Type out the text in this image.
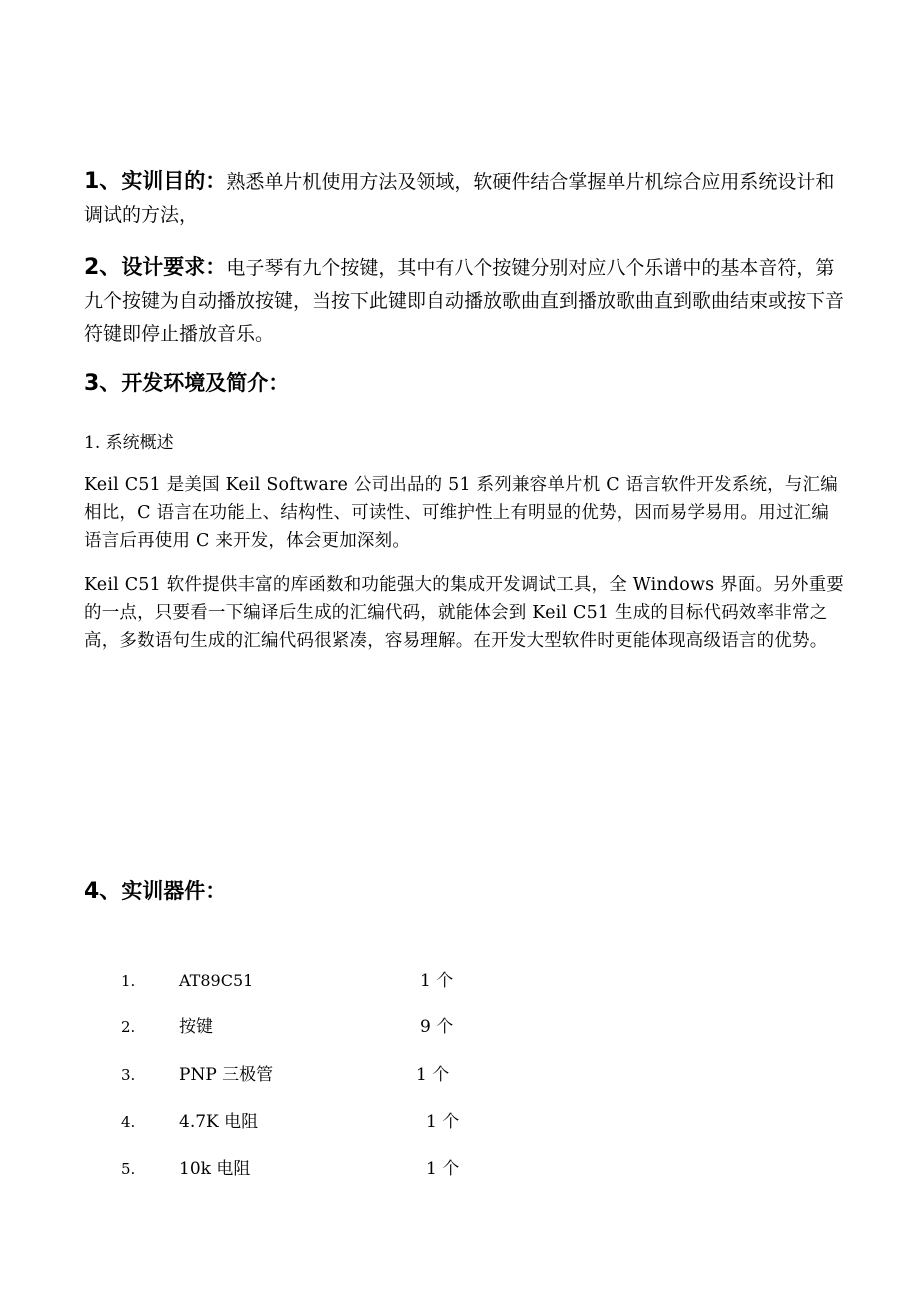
1、实训目的：熟悉单片机使用方法及领域，软硬件结合掌握单片机综合应用系统设计和调试的方法，
2、设计要求：电子琴有九个按键，其中有八个按键分别对应八个乐谱中的基本音符，第九个按键为自动播放按键，当按下此键即自动播放歌曲直到播放歌曲直到歌曲结束或按下音符键即停止播放音乐。
3、开发环境及简介：
1. 系统概述
Keil C51 是美国 Keil Software 公司出品的 51 系列兼容单片机 C 语言软件开发系统，与汇编相比，C 语言在功能上、结构性、可读性、可维护性上有明显的优势，因而易学易用。用过汇编语言后再使用 C 来开发，体会更加深刻。
Keil C51 软件提供丰富的库函数和功能强大的集成开发调试工具，全 Windows 界面。另外重要的一点，只要看一下编译后生成的汇编代码，就能体会到 Keil C51 生成的目标代码效率非常之高，多数语句生成的汇编代码很紧凑，容易理解。在开发大型软件时更能体现高级语言的优势。
4、实训器件：
1.	AT89C51	1 个
2.	按键	9 个
3.	PNP 三极管	1 个
4.	4.7K 电阻	1 个
5.	10k 电阻	1 个
